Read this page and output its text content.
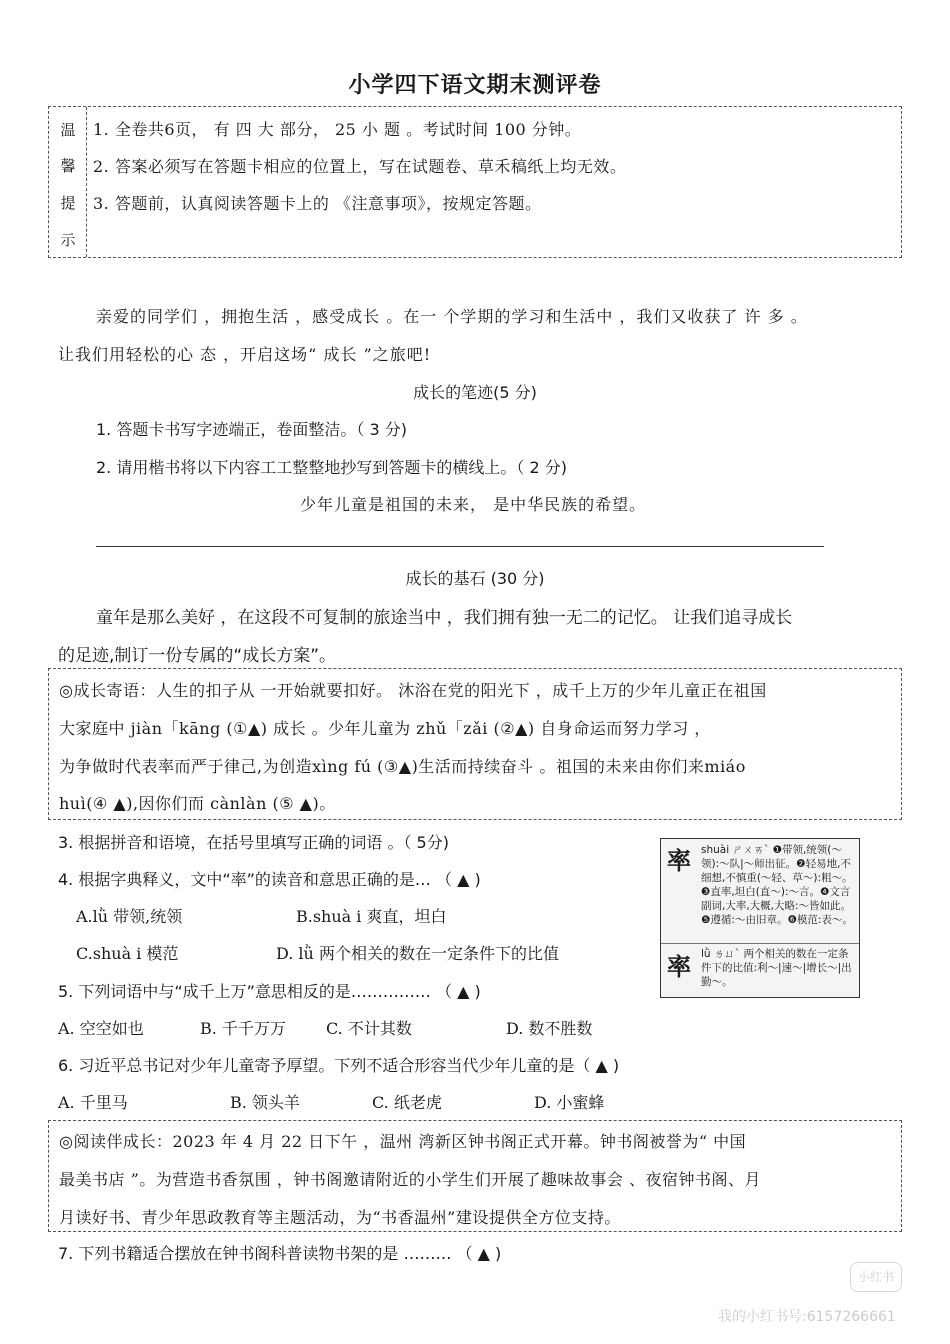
小学四下语文期末测评卷
温
馨
提
示
1. 全卷共6页， 有 四 大 部分， 25 小 题 。考试时间 100 分钟。
2. 答案必须写在答题卡相应的位置上，写在试题卷、草禾稿纸上均无效。
3. 答题前，认真阅读答题卡上的 《注意事项》，按规定答题。
亲爱的同学们 ，拥抱生活 ，感受成长 。在一 个学期的学习和生活中 ，我们又收获了 许 多 。
让我们用轻松的心 态 ，开启这场“ 成长 ”之旅吧!
成长的笔迹(5 分)
1. 答题卡书写字迹端正，卷面整洁。（ 3 分)
2. 请用楷书将以下内容工工整整地抄写到答题卡的横线上。（ 2 分)
少年儿童是祖国的未来， 是中华民族的希望。
成长的基石 (30 分)
童年是那么美好 ，在这段不可复制的旅途当中 ，我们拥有独一无二的记忆。 让我们追寻成长
的足迹,制订一份专属的“成长方案”。
◎成长寄语：人生的扣子从 一开始就要扣好。 沐浴在党的阳光下 ，成千上万的少年儿童正在祖国
大家庭中 jiàn「kāng (①▲) 成长 。少年儿童为 zhǔ「zǎi (②▲) 自身命运而努力学习 ，
为争做时代表率而严于律己,为创造xìng fú (③▲)生活而持续奋斗 。祖国的未来由你们来miáo
huì(④ ▲),因你们而 cànlàn (⑤ ▲)。
3. 根据拼音和语境，在括号里填写正确的词语 。（ 5分)
4. 根据字典释义，文中“率”的读音和意思正确的是… （ ▲ )
A.lǜ 带领,统领	B.shuà i 爽直，坦白
C.shuà i 模范	D. lǜ 两个相关的数在一定条件下的比值
5. 下列词语中与“成千上万”意思相反的是…………… （ ▲ )
A. 空空如也	B. 千千万万	C. 不计其数	D. 数不胜数
6. 习近平总书记对少年儿童寄予厚望。下列不适合形容当代少年儿童的是（ ▲ )
A. 千里马	B. 领头羊	C. 纸老虎	D. 小蜜蜂
率 shuài ㄕㄨㄞˋ ❶带领,统领(～领):～队|～师出征。❷轻易地,不细想,不慎重(～轻、草～):粗～。❸直率,坦白(直～):～言。❹文言副词,大率,大概,大略:～皆如此。❺遵循:～由旧章。❻模范:表～。
率 lǜ ㄌㄩˋ 两个相关的数在一定条件下的比值:利～|速～|增长～|出勤～。
◎阅读伴成长：2023 年 4 月 22 日下午 ，温州 湾新区钟书阁正式开幕。钟书阁被誉为“ 中国
最美书店 ”。为营造书香氛围 ，钟书阁邀请附近的小学生们开展了趣味故事会 、夜宿钟书阁、月
月读好书、青少年思政教育等主题活动，为“书香温州”建设提供全方位支持。
7. 下列书籍适合摆放在钟书阁科普读物书架的是 ……… （ ▲ )
小红书
我的小红书号:6157266661
